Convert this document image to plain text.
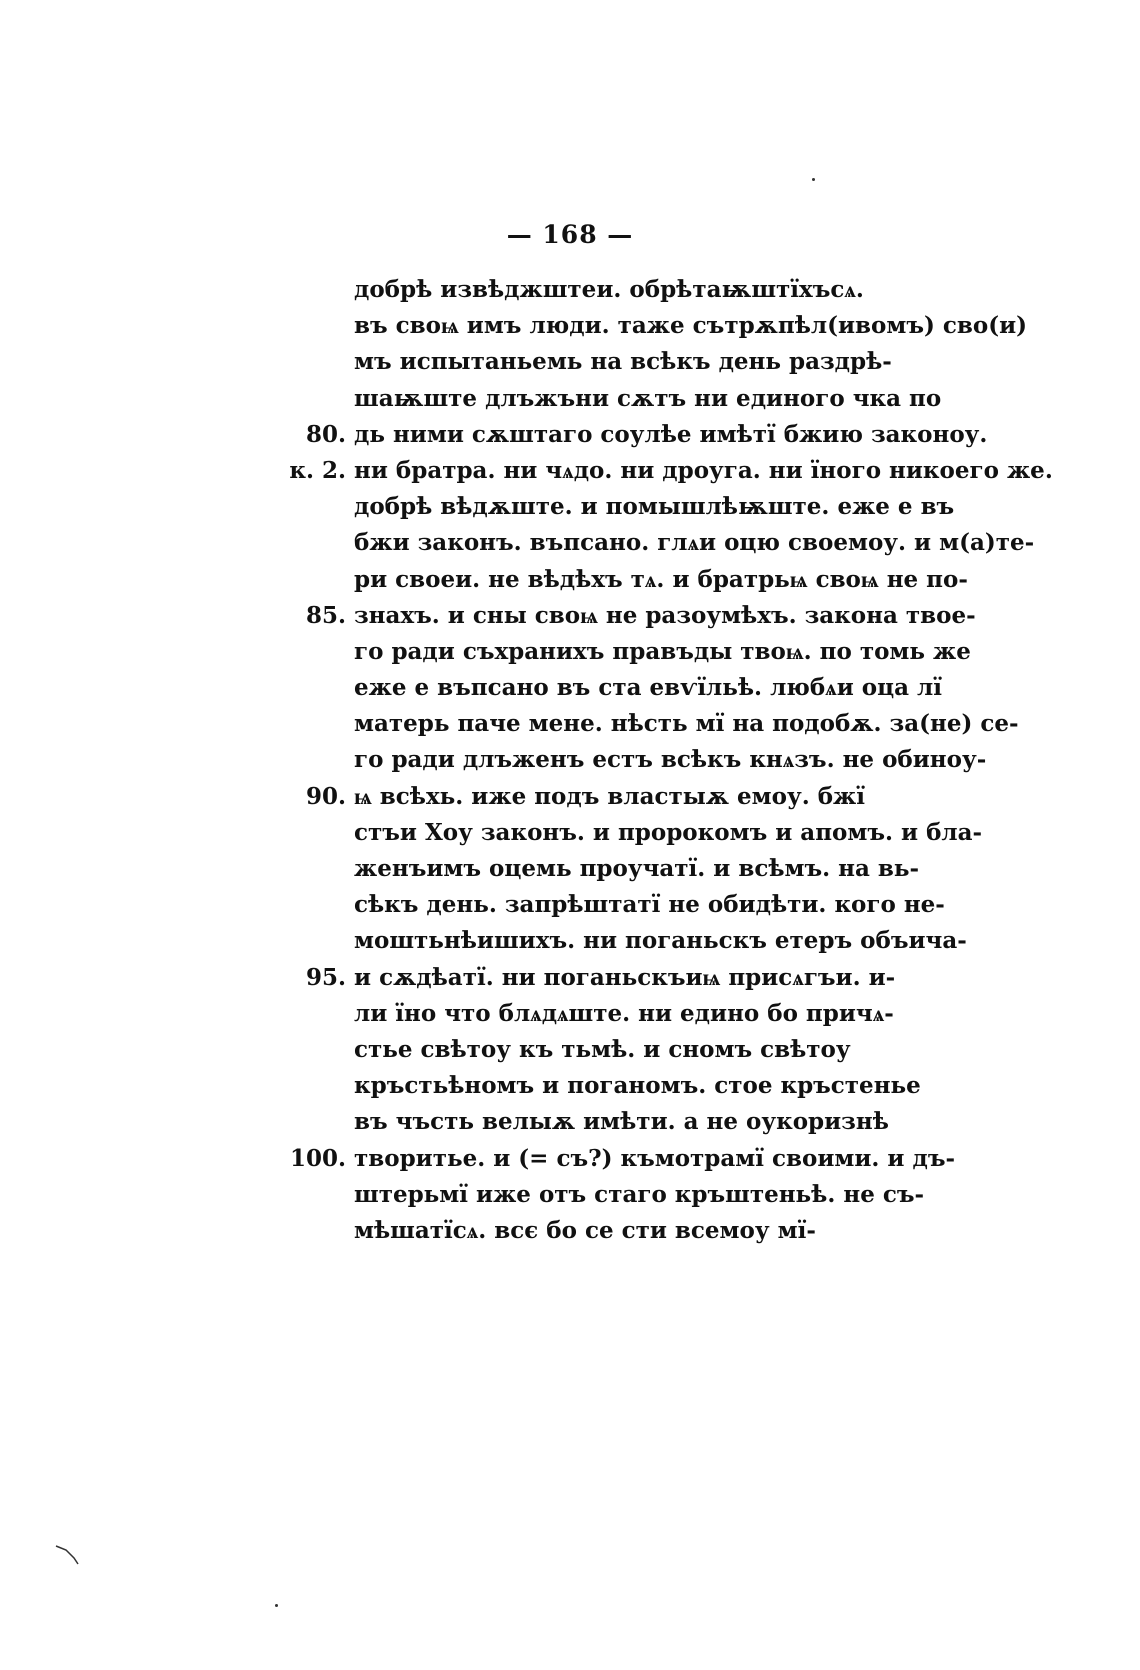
— 168 —
добрѣ извѣджштеи. обрѣтаѭштїхъсѧ.
въ своѩ имъ люди. таже сътрѫпѣл(ивомъ) сво(и)
мъ испытаньемь на всѣкъ день раздрѣ-
шаѭште длъжъни сѫтъ ни единого чка по
80. дь ними сѫштаго соулѣе имѣтї бжию законоу.
к. 2. ни братра. ни чѧдо. ни дроуга. ни їного никоего же.
добрѣ вѣдѫште. и помышлѣѭште. еже е въ
бжи законъ. въпсано. глѧи оцю своемоу. и м(а)те-
ри своеи. не вѣдѣхъ тѧ. и братрьѩ своѩ не по-
85. знахъ. и сны своѩ не разоумѣхъ. закона твое-
го ради съхранихъ правъды твоѩ. по томь же
еже е въпсано въ ста евѵїльѣ. любѧи оца лї
матерь паче мене. нѣсть мї на подобѫ. за(не) се-
го ради длъженъ естъ всѣкъ кнѧзъ. не обиноу-
90. ѩ всѣхь. иже подъ властыѫ емоу. бжї
стъи Хоу законъ. и пророкомъ и апомъ. и бла-
женъимъ оцемь проучатї. и всѣмъ. на вь-
сѣкъ день. запрѣштатї не обидѣти. кого не-
моштьнѣишихъ. ни поганьскъ етеръ объича-
95. и сѫдѣатї. ни поганьскъиѩ присѧгъи. и-
ли їно что блѧдѧште. ни едино бо причѧ-
стье свѣтоу къ тьмѣ. и сномъ свѣтоу
кръстьѣномъ и поганомъ. стое кръстенье
въ чъсть велыѫ имѣти. а не оукоризнѣ
100. творитье. и (= съ?) къмотрамї своими. и дъ-
штерьмї иже отъ стаго кръштеньѣ. не съ-
мѣшатїсѧ. всє бо се сти всемоу мї-
